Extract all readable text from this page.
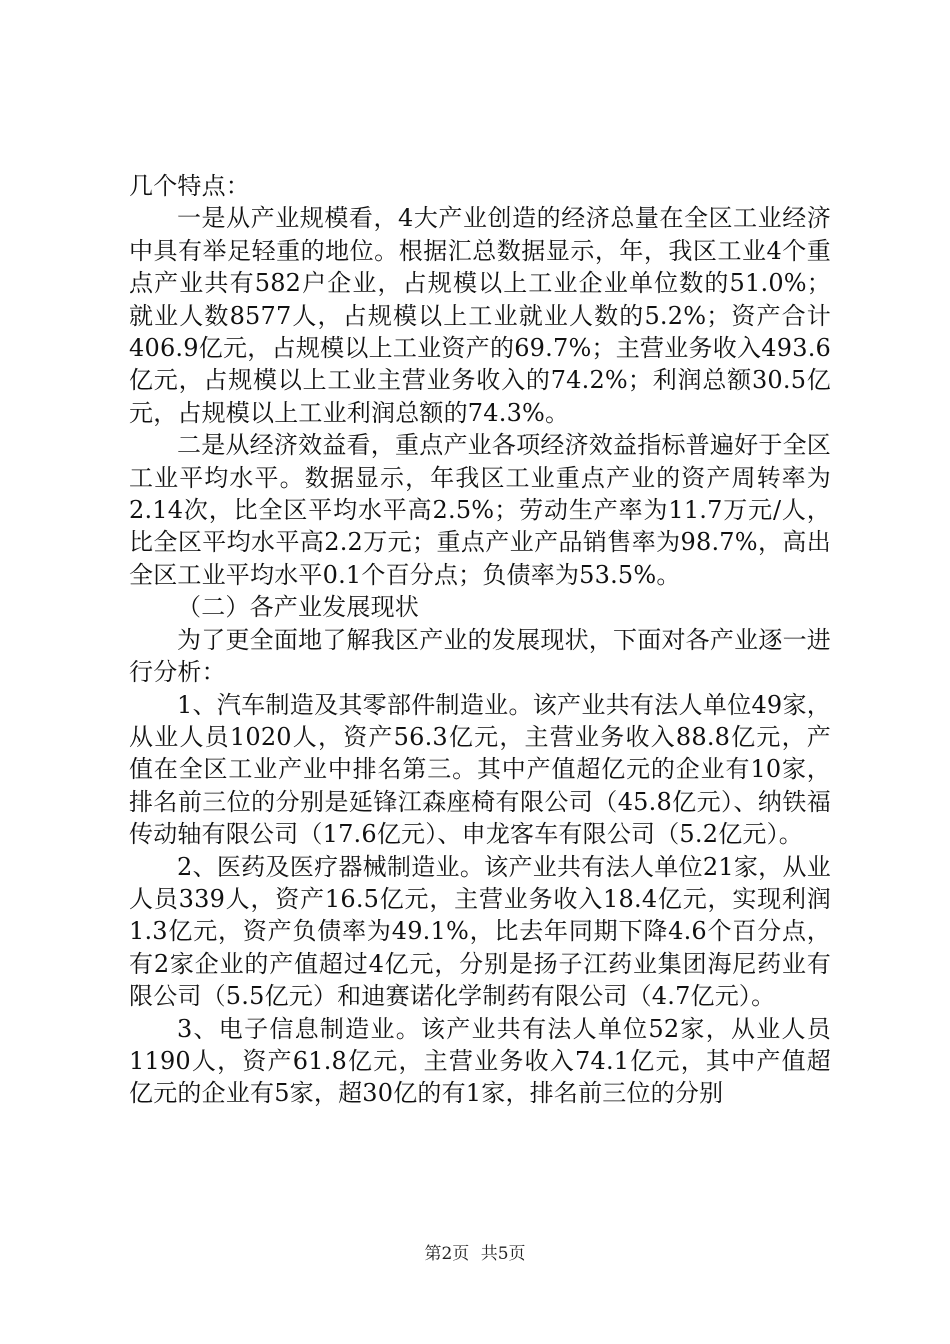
几个特点：

一是从产业规模看，4大产业创造的经济总量在全区工业经济中具有举足轻重的地位。根据汇总数据显示，年，我区工业4个重点产业共有582户企业，占规模以上工业企业单位数的51.0%；就业人数8577人，占规模以上工业就业人数的5.2%；资产合计406.9亿元，占规模以上工业资产的69.7%；主营业务收入493.6亿元，占规模以上工业主营业务收入的74.2%；利润总额30.5亿元，占规模以上工业利润总额的74.3%。

二是从经济效益看，重点产业各项经济效益指标普遍好于全区工业平均水平。数据显示，年我区工业重点产业的资产周转率为2.14次，比全区平均水平高2.5%；劳动生产率为11.7万元/人，比全区平均水平高2.2万元；重点产业产品销售率为98.7%，高出全区工业平均水平0.1个百分点；负债率为53.5%。

（二）各产业发展现状

为了更全面地了解我区产业的发展现状，下面对各产业逐一进行分析：

1、汽车制造及其零部件制造业。该产业共有法人单位49家，从业人员1020人，资产56.3亿元，主营业务收入88.8亿元，产值在全区工业产业中排名第三。其中产值超亿元的企业有10家，排名前三位的分别是延锋江森座椅有限公司（45.8亿元）、纳铁福传动轴有限公司（17.6亿元）、申龙客车有限公司（5.2亿元）。

2、医药及医疗器械制造业。该产业共有法人单位21家，从业人员339人，资产16.5亿元，主营业务收入18.4亿元，实现利润1.3亿元，资产负债率为49.1%，比去年同期下降4.6个百分点，有2家企业的产值超过4亿元，分别是扬子江药业集团海尼药业有限公司（5.5亿元）和迪赛诺化学制药有限公司（4.7亿元）。

3、电子信息制造业。该产业共有法人单位52家，从业人员1190人，资产61.8亿元，主营业务收入74.1亿元，其中产值超亿元的企业有5家，超30亿的有1家，排名前三位的分别

第2页 共5页
